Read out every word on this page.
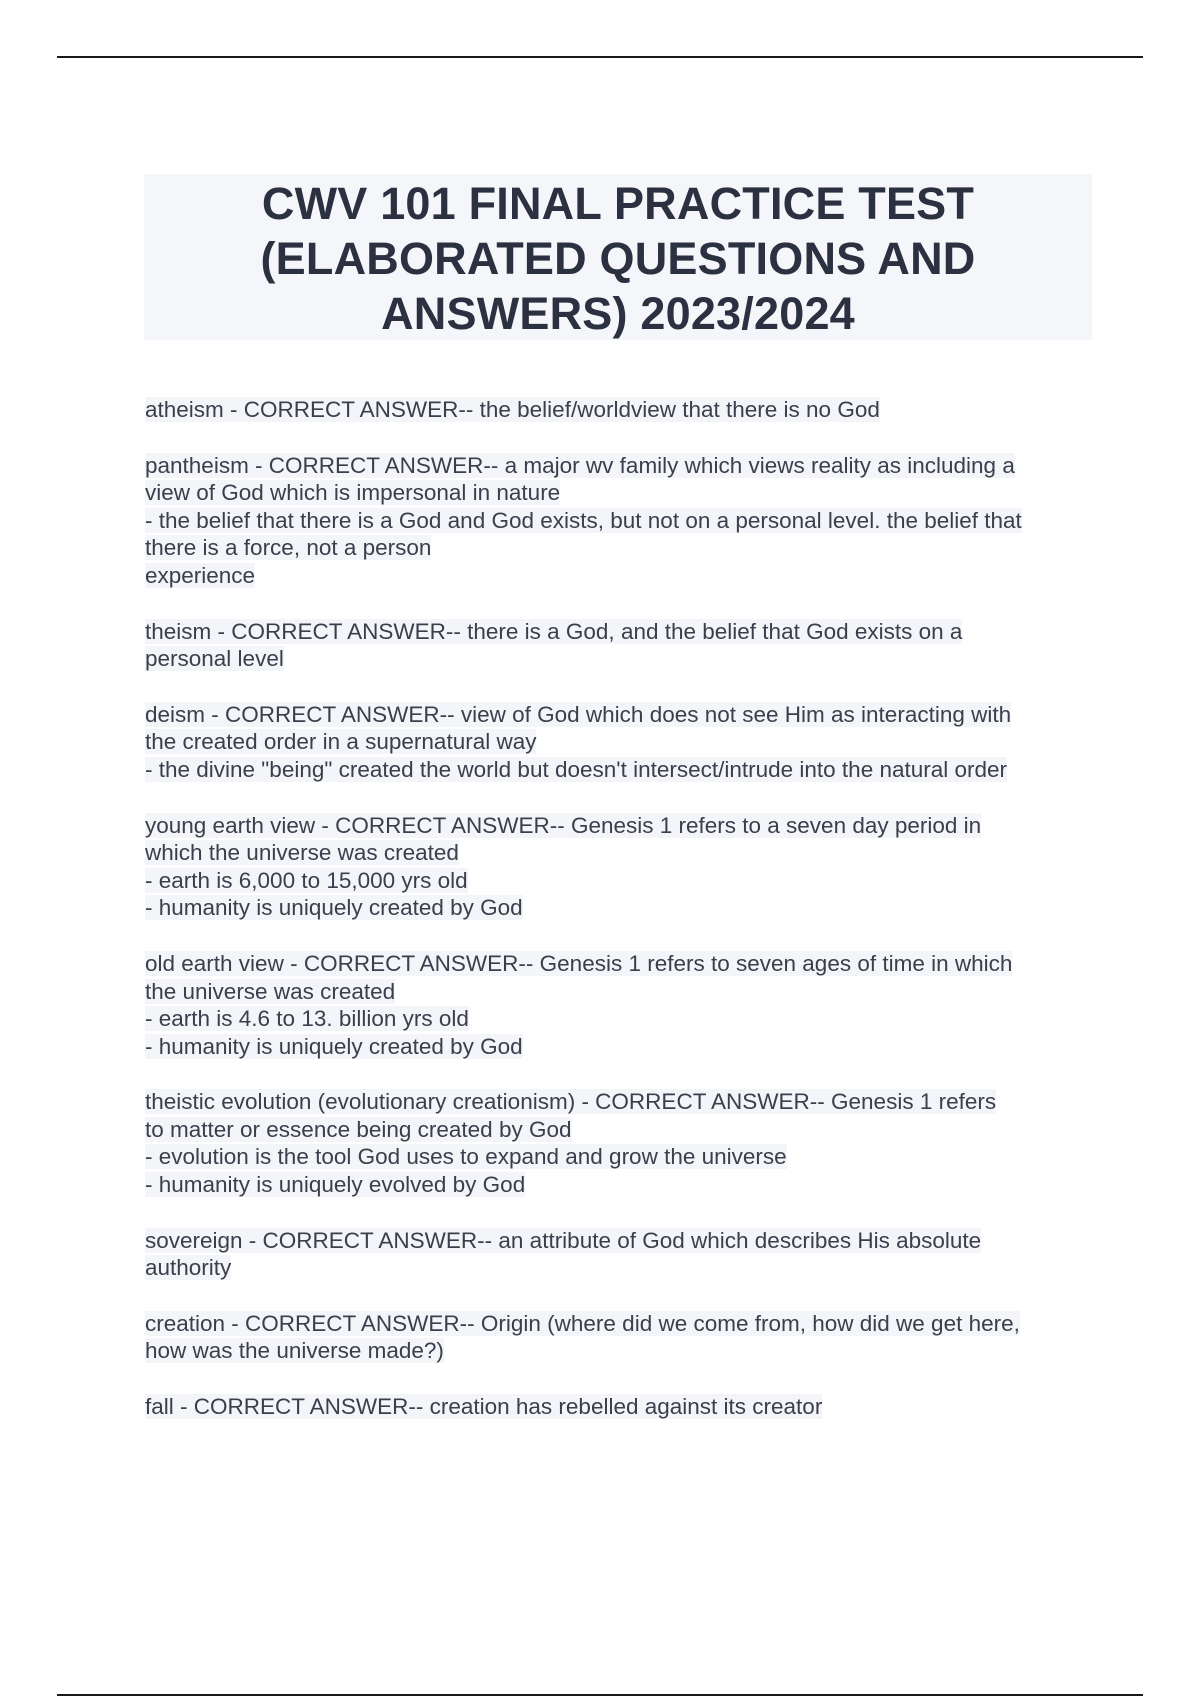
CWV 101 FINAL PRACTICE TEST
(ELABORATED QUESTIONS AND
ANSWERS) 2023/2024
atheism - CORRECT ANSWER-- the belief/worldview that there is no God
pantheism - CORRECT ANSWER-- a major wv family which views reality as including a
view of God which is impersonal in nature
- the belief that there is a God and God exists, but not on a personal level. the belief that
there is a force, not a person
experience
theism - CORRECT ANSWER-- there is a God, and the belief that God exists on a
personal level
deism - CORRECT ANSWER-- view of God which does not see Him as interacting with
the created order in a supernatural way
- the divine "being" created the world but doesn't intersect/intrude into the natural order
young earth view - CORRECT ANSWER-- Genesis 1 refers to a seven day period in
which the universe was created
- earth is 6,000 to 15,000 yrs old
- humanity is uniquely created by God
old earth view - CORRECT ANSWER-- Genesis 1 refers to seven ages of time in which
the universe was created
- earth is 4.6 to 13. billion yrs old
- humanity is uniquely created by God
theistic evolution (evolutionary creationism) - CORRECT ANSWER-- Genesis 1 refers
to matter or essence being created by God
- evolution is the tool God uses to expand and grow the universe
- humanity is uniquely evolved by God
sovereign - CORRECT ANSWER-- an attribute of God which describes His absolute
authority
creation - CORRECT ANSWER-- Origin (where did we come from, how did we get here,
how was the universe made?)
fall - CORRECT ANSWER-- creation has rebelled against its creator
